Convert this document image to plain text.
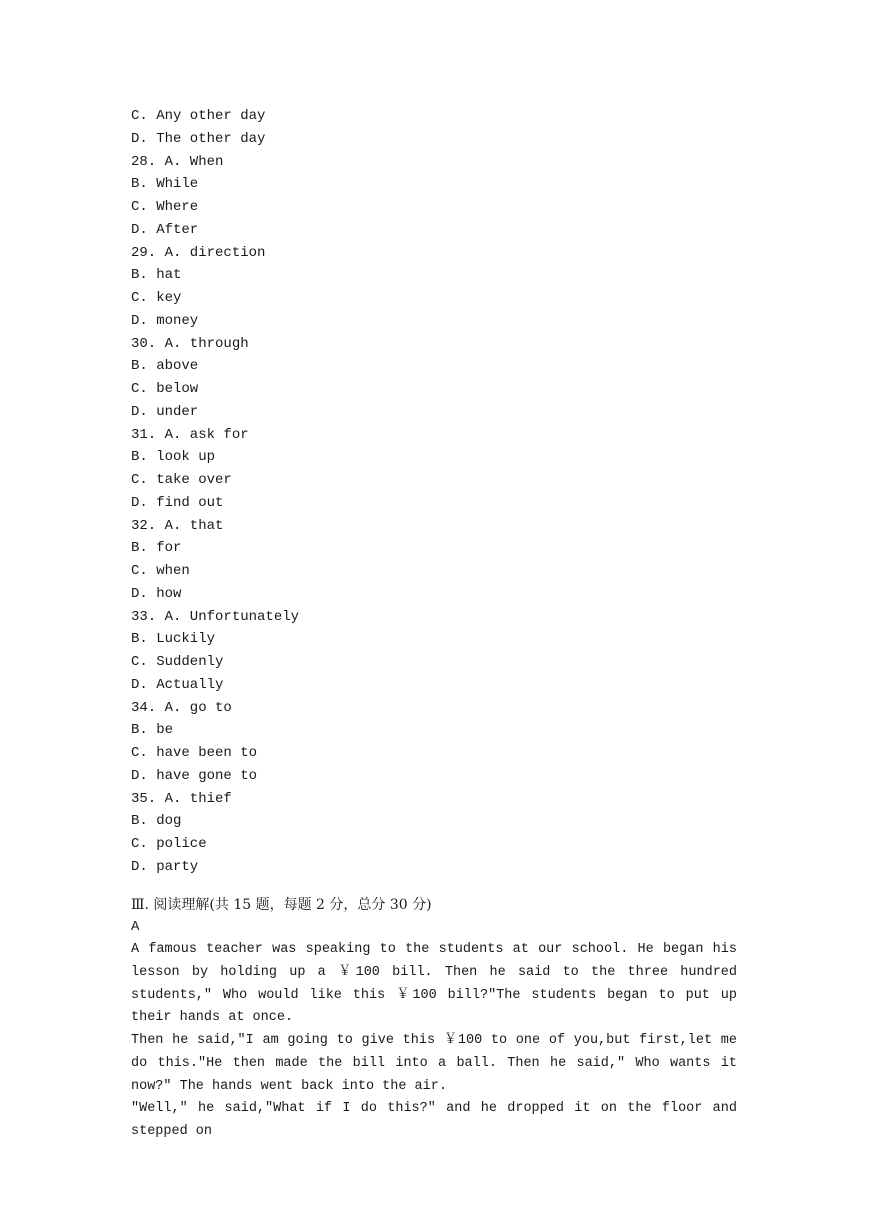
C. Any other day
D. The other day
28. A. When
B. While
C. Where
D. After
29. A. direction
B. hat
C. key
D. money
30. A. through
B. above
C. below
D. under
31. A. ask for
B. look up
C. take over
D. find out
32. A. that
B. for
C. when
D. how
33. A. Unfortunately
B. Luckily
C. Suddenly
D. Actually
34. A. go to
B. be
C. have been to
D. have gone to
35. A. thief
B. dog
C. police
D. party
Ⅲ. 阅读理解(共 15 题，每题 2 分，总分 30 分)
A

A famous teacher was speaking to the students at our school. He began his lesson by holding up a ￥100 bill. Then he said to the three hundred students," Who would like this ￥100 bill?"The students began to put up their hands at once.

Then he said,"I am going to give this ￥100 to one of you,but first,let me do this."He then made the bill into a ball. Then he said," Who wants it now?" The hands went back into the air.

"Well," he said,"What if I do this?" and he dropped it on the floor and stepped on
